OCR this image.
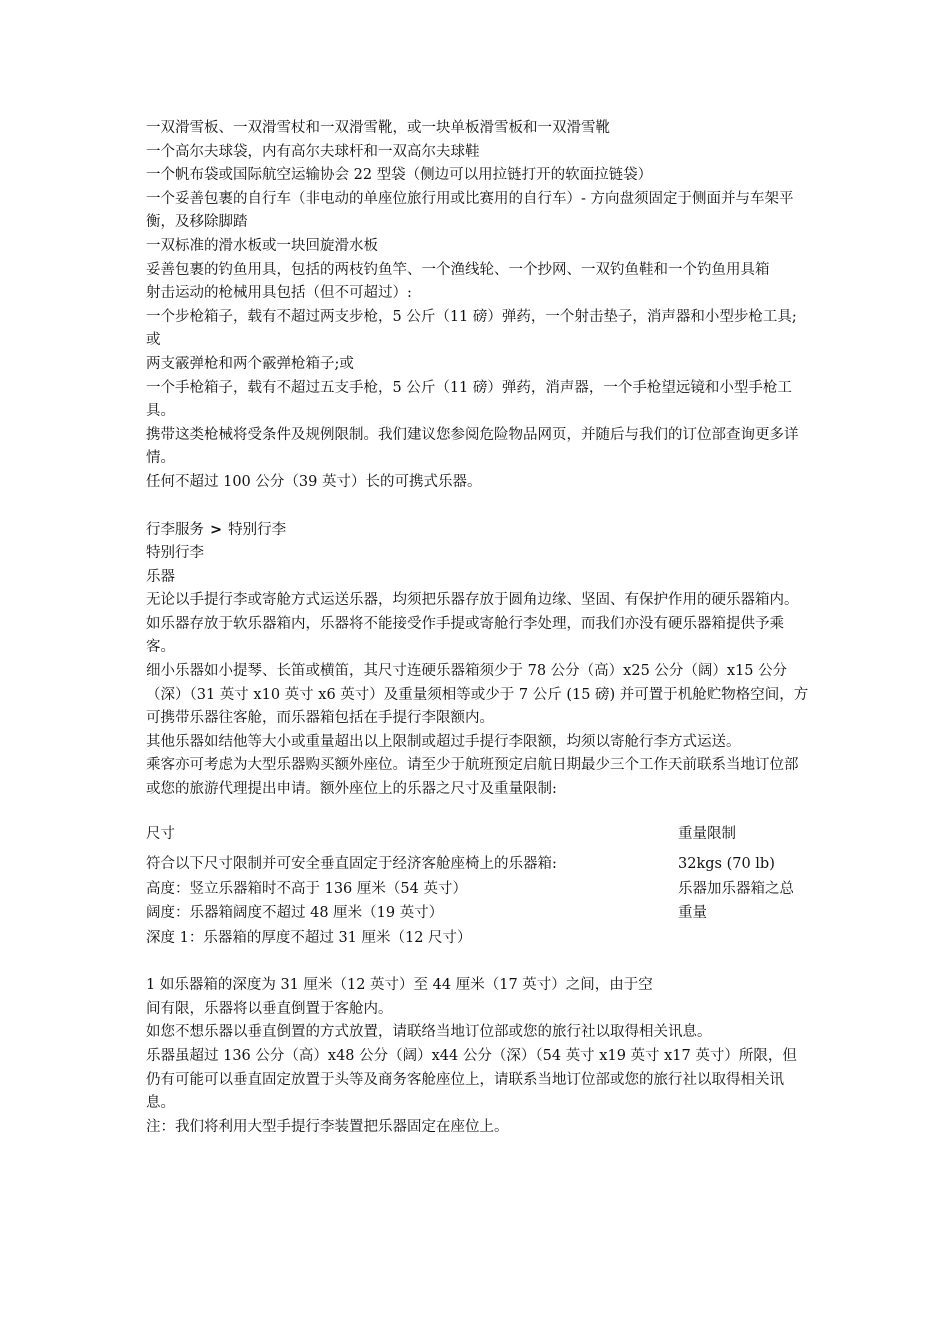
一双滑雪板、一双滑雪杖和一双滑雪靴，或一块单板滑雪板和一双滑雪靴

一个高尔夫球袋，内有高尔夫球杆和一双高尔夫球鞋

一个帆布袋或国际航空运输协会 22 型袋（侧边可以用拉链打开的软面拉链袋）

一个妥善包裹的自行车（非电动的单座位旅行用或比赛用的自行车）- 方向盘须固定于侧面并与车架平衡，及移除脚踏

一双标准的滑水板或一块回旋滑水板

妥善包裹的钓鱼用具，包括的两枝钓鱼竿、一个渔线轮、一个抄网、一双钓鱼鞋和一个钓鱼用具箱

射击运动的枪械用具包括（但不可超过）:

一个步枪箱子，载有不超过两支步枪，5 公斤（11 磅）弹药，一个射击垫子，消声器和小型步枪工具;或

两支霰弹枪和两个霰弹枪箱子;或

一个手枪箱子，载有不超过五支手枪，5 公斤（11 磅）弹药，消声器，一个手枪望远镜和小型手枪工具。

携带这类枪械将受条件及规例限制。我们建议您参阅危险物品网页，并随后与我们的订位部查询更多详情。

任何不超过 100 公分（39 英寸）长的可携式乐器。

行李服务 > 特别行李

特别行李

乐器

无论以手提行李或寄舱方式运送乐器，均须把乐器存放于圆角边缘、坚固、有保护作用的硬乐器箱内。如乐器存放于软乐器箱内，乐器将不能接受作手提或寄舱行李处理，而我们亦没有硬乐器箱提供予乘客。

细小乐器如小提琴、长笛或横笛，其尺寸连硬乐器箱须少于 78 公分（高）x25 公分（阔）x15 公分（深）（31 英寸 x10 英寸 x6 英寸）及重量须相等或少于 7 公斤 (15 磅) 并可置于机舱贮物格空间，方可携带乐器往客舱，而乐器箱包括在手提行李限额内。

其他乐器如结他等大小或重量超出以上限制或超过手提行李限额，均须以寄舱行李方式运送。

乘客亦可考虑为大型乐器购买额外座位。请至少于航班预定启航日期最少三个工作天前联系当地订位部或您的旅游代理提出申请。额外座位上的乐器之尺寸及重量限制:

尺寸	重量限制
符合以下尺寸限制并可安全垂直固定于经济客舱座椅上的乐器箱:	32kgs (70 lb)
高度：竖立乐器箱时不高于 136 厘米（54 英寸）	乐器加乐器箱之总
阔度：乐器箱阔度不超过 48 厘米（19 英寸）	重量
深度 1：乐器箱的厚度不超过 31 厘米（12 尺寸）

1 如乐器箱的深度为 31 厘米（12 英寸）至 44 厘米（17 英寸）之间，由于空

间有限，乐器将以垂直倒置于客舱内。

如您不想乐器以垂直倒置的方式放置，请联络当地订位部或您的旅行社以取得相关讯息。

乐器虽超过 136 公分（高）x48 公分（阔）x44 公分（深）（54 英寸 x19 英寸 x17 英寸）所限，但仍有可能可以垂直固定放置于头等及商务客舱座位上，请联系当地订位部或您的旅行社以取得相关讯息。

注：我们将利用大型手提行李装置把乐器固定在座位上。
